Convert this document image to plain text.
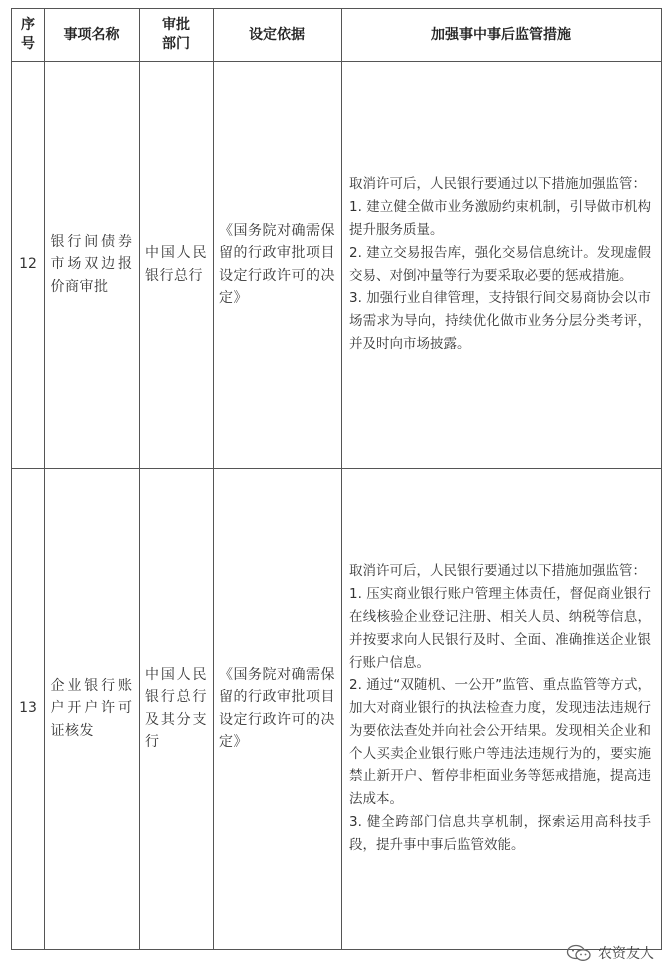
序号
事项名称
审批部门
设定依据	加强事中事后监管措施
12
银行间债券市场双边报价商审批
中国人民银行总行
《国务院对确需保留的行政审批项目设定行政许可的决定》

取消许可后，人民银行要通过以下措施加强监管：

1. 建立健全做市业务激励约束机制，引导做市机构提升服务质量。

2. 建立交易报告库，强化交易信息统计。发现虚假交易、对倒冲量等行为要采取必要的惩戒措施。

3. 加强行业自律管理，支持银行间交易商协会以市场需求为导向，持续优化做市业务分层分类考评，并及时向市场披露。

13
企业银行账户开户许可证核发
中国人民银行总行及其分支行
《国务院对确需保留的行政审批项目设定行政许可的决定》

取消许可后，人民银行要通过以下措施加强监管：

1. 压实商业银行账户管理主体责任，督促商业银行在线核验企业登记注册、相关人员、纳税等信息，并按要求向人民银行及时、全面、准确推送企业银行账户信息。

2. 通过“双随机、一公开”监管、重点监管等方式，加大对商业银行的执法检查力度，发现违法违规行为要依法查处并向社会公开结果。发现相关企业和个人买卖企业银行账户等违法违规行为的，要实施禁止新开户、暂停非柜面业务等惩戒措施，提高违法成本。

3. 健全跨部门信息共享机制，探索运用高科技手段，提升事中事后监管效能。

农资友人
